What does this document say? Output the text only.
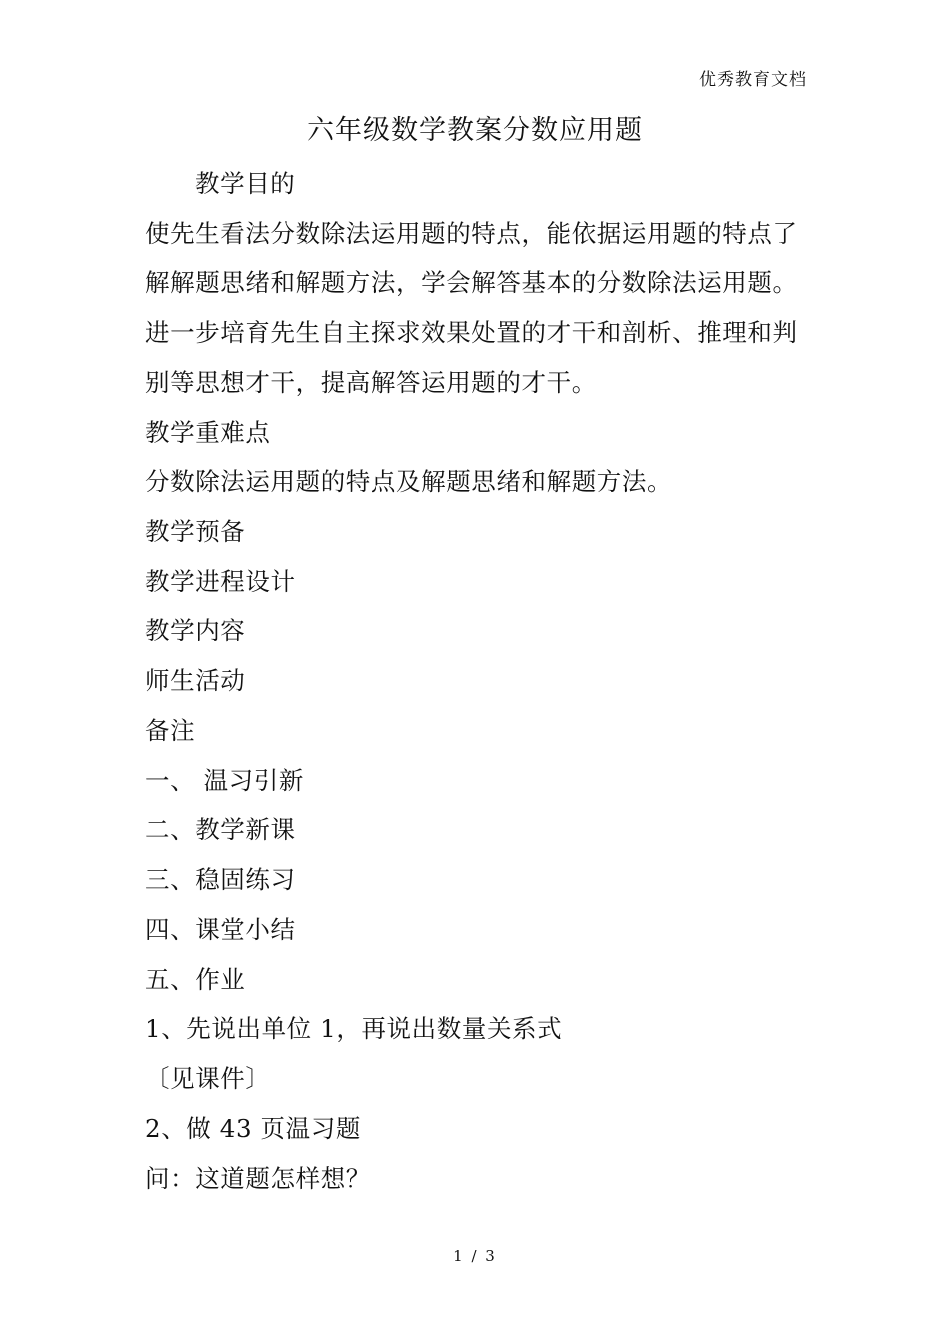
优秀教育文档
六年级数学教案分数应用题
教学目的
使先生看法分数除法运用题的特点，能依据运用题的特点了
解解题思绪和解题方法，学会解答基本的分数除法运用题。
进一步培育先生自主探求效果处置的才干和剖析、推理和判
别等思想才干，提高解答运用题的才干。
教学重难点
分数除法运用题的特点及解题思绪和解题方法。
教学预备
教学进程设计
教学内容
师生活动
备注
一、 温习引新
二、教学新课
三、稳固练习
四、课堂小结
五、作业
1、先说出单位 1，再说出数量关系式
〔见课件〕
2、做 43 页温习题
问：这道题怎样想？
1 / 3
